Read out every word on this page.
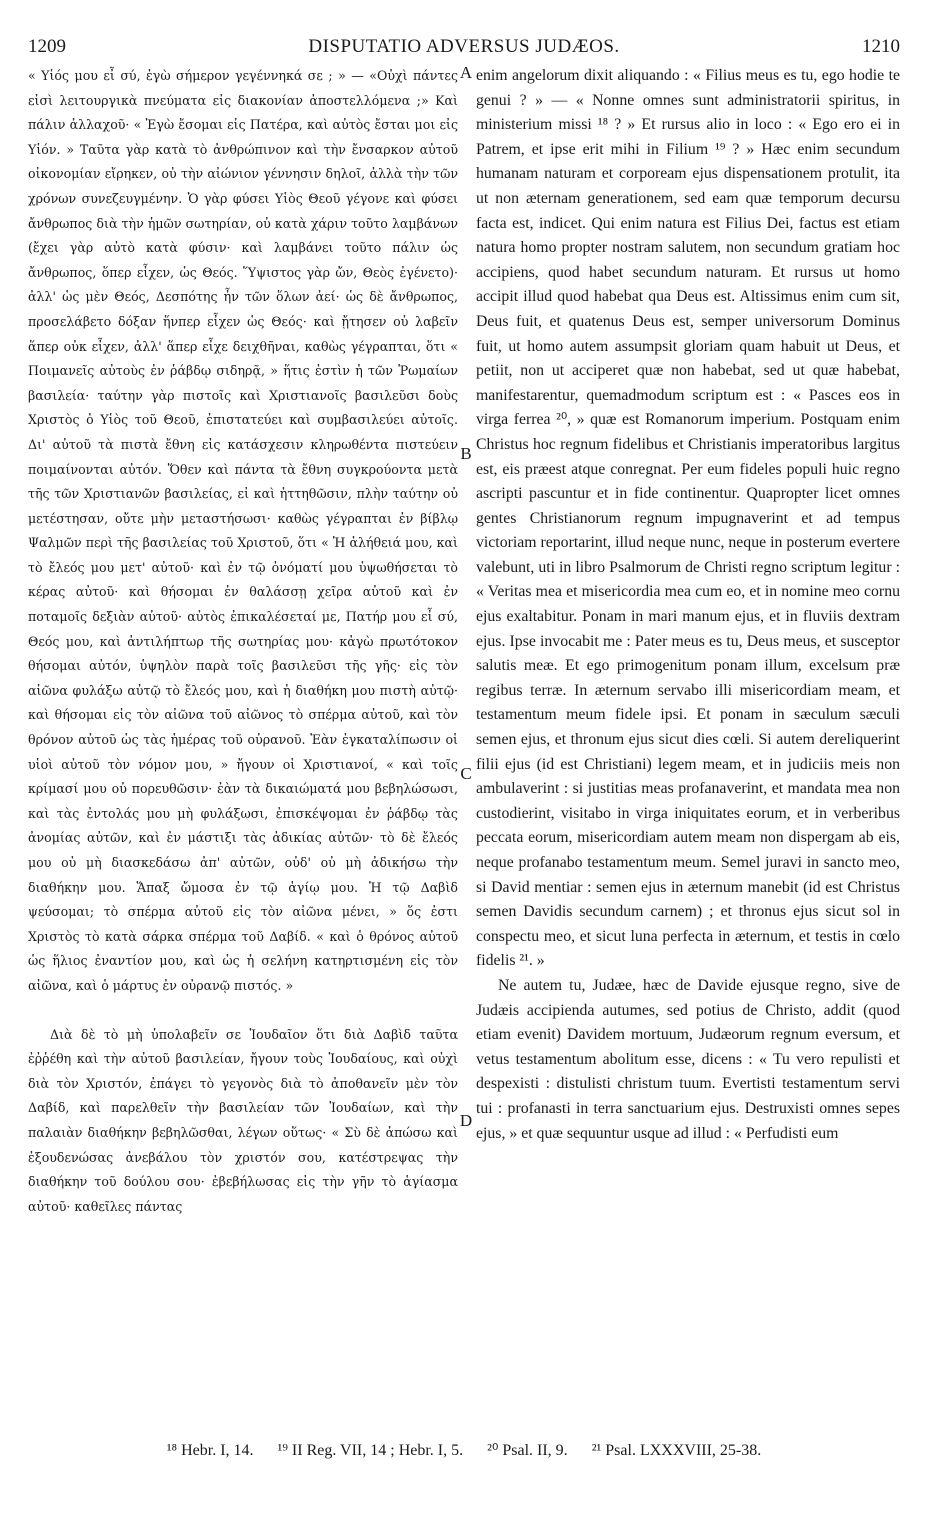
1209	DISPUTATIO ADVERSUS JUDÆOS.	1210

« Υἱός μου εἶ σύ, ἐγὼ σήμερον γεγέννηκά σε ; » — «Οὐχὶ πάντες εἰσὶ λειτουργικὰ πνεύματα εἰς διακονίαν ἀποστελλόμενα ;» Καὶ πάλιν ἀλλαχοῦ· « Ἐγὼ ἔσομαι εἰς Πατέρα, καὶ αὐτὸς ἔσται μοι εἰς Υἱόν. » Ταῦτα γὰρ κατὰ τὸ ἀνθρώπινον καὶ τὴν ἔνσαρκον αὐτοῦ οἰκονομίαν εἴρηκεν, οὐ τὴν αἰώνιον γέννησιν δηλοῖ, ἀλλὰ τὴν τῶν χρόνων συνεζευγμένην. Ὁ γὰρ φύσει Υἱὸς Θεοῦ γέγονε καὶ φύσει ἄνθρωπος διὰ τὴν ἡμῶν σωτηρίαν, οὐ κατὰ χάριν τοῦτο λαμβάνων (ἔχει γὰρ αὐτὸ κατὰ φύσιν· καὶ λαμβάνει τοῦτο πάλιν ὡς ἄνθρωπος, ὅπερ εἶχεν, ὡς Θεός. Ὕψιστος γὰρ ὤν, Θεὸς ἐγένετο)· ἀλλ' ὡς μὲν Θεός, Δεσπότης ἦν τῶν ὅλων ἀεί· ὡς δὲ ἄνθρωπος, προσελάβετο δόξαν ἥνπερ εἶχεν ὡς Θεός· καὶ ᾔτησεν οὐ λαβεῖν ἅπερ οὐκ εἶχεν, ἀλλ' ἅπερ εἶχε δειχθῆναι, καθὼς γέγραπται, ὅτι « Ποιμανεῖς αὐτοὺς ἐν ῥάβδῳ σιδηρᾷ, » ἥτις ἐστὶν ἡ τῶν Ῥωμαίων βασιλεία· ταύτην γὰρ πιστοῖς καὶ Χριστιανοῖς βασιλεῦσι δοὺς Χριστὸς ὁ Υἱὸς τοῦ Θεοῦ, ἐπιστατεύει καὶ συμβασιλεύει αὐτοῖς. Δι' αὐτοῦ τὰ πιστὰ ἔθνη εἰς κατάσχεσιν κληρωθέντα πιστεύειν ποιμαίνονται αὐτόν. Ὅθεν καὶ πάντα τὰ ἔθνη συγκρούοντα μετὰ τῆς τῶν Χριστιανῶν βασιλείας, εἰ καὶ ἡττηθῶσιν, πλὴν ταύτην οὐ μετέστησαν, οὔτε μὴν μεταστήσωσι· καθὼς γέγραπται ἐν βίβλῳ Ψαλμῶν περὶ τῆς βασιλείας τοῦ Χριστοῦ, ὅτι « Ἡ ἀλήθειά μου, καὶ τὸ ἔλεός μου μετ' αὐτοῦ· καὶ ἐν τῷ ὀνόματί μου ὑψωθήσεται τὸ κέρας αὐτοῦ· καὶ θήσομαι ἐν θαλάσσῃ χεῖρα αὐτοῦ καὶ ἐν ποταμοῖς δεξιὰν αὐτοῦ· αὐτὸς ἐπικαλέσεταί με, Πατήρ μου εἶ σύ, Θεός μου, καὶ ἀντιλήπτωρ τῆς σωτηρίας μου· κἀγὼ πρωτότοκον θήσομαι αὐτόν, ὑψηλὸν παρὰ τοῖς βασιλεῦσι τῆς γῆς· εἰς τὸν αἰῶνα φυλάξω αὐτῷ τὸ ἔλεός μου, καὶ ἡ διαθήκη μου πιστὴ αὐτῷ· καὶ θήσομαι εἰς τὸν αἰῶνα τοῦ αἰῶνος τὸ σπέρμα αὐτοῦ, καὶ τὸν θρόνον αὐτοῦ ὡς τὰς ἡμέρας τοῦ οὐρανοῦ. Ἐὰν ἐγκαταλίπωσιν οἱ υἱοὶ αὐτοῦ τὸν νόμον μου, » ἤγουν οἱ Χριστιανοί, « καὶ τοῖς κρίμασί μου οὐ πορευθῶσιν· ἐὰν τὰ δικαιώματά μου βεβηλώσωσι, καὶ τὰς ἐντολάς μου μὴ φυλάξωσι, ἐπισκέψομαι ἐν ῥάβδῳ τὰς ἀνομίας αὐτῶν, καὶ ἐν μάστιξι τὰς ἀδικίας αὐτῶν· τὸ δὲ ἔλεός μου οὐ μὴ διασκεδάσω ἀπ' αὐτῶν, οὐδ' οὐ μὴ ἀδικήσω τὴν διαθήκην μου. Ἅπαξ ὤμοσα ἐν τῷ ἁγίῳ μου. Ἡ τῷ Δαβὶδ ψεύσομαι; τὸ σπέρμα αὐτοῦ εἰς τὸν αἰῶνα μένει, » ὅς ἐστι Χριστὸς τὸ κατὰ σάρκα σπέρμα τοῦ Δαβίδ. « καὶ ὁ θρόνος αὐτοῦ ὡς ἥλιος ἐναντίον μου, καὶ ὡς ἡ σελήνη κατηρτισμένη εἰς τὸν αἰῶνα, καὶ ὁ μάρτυς ἐν οὐρανῷ πιστός. »

Διὰ δὲ τὸ μὴ ὑπολαβεῖν σε Ἰουδαῖον ὅτι διὰ Δαβὶδ ταῦτα ἐῤῥέθη καὶ τὴν αὐτοῦ βασιλείαν, ἤγουν τοὺς Ἰουδαίους, καὶ οὐχὶ διὰ τὸν Χριστόν, ἐπάγει τὸ γεγονὸς διὰ τὸ ἀποθανεῖν μὲν τὸν Δαβίδ, καὶ παρελθεῖν τὴν βασιλείαν τῶν Ἰουδαίων, καὶ τὴν παλαιὰν διαθήκην βεβηλῶσθαι, λέγων οὕτως· « Σὺ δὲ ἀπώσω καὶ ἐξουδενώσας ἀνεβάλου τὸν χριστόν σου, κατέστρεψας τὴν διαθήκην τοῦ δούλου σου· ἐβεβήλωσας εἰς τὴν γῆν τὸ ἁγίασμα αὐτοῦ· καθεῖλες πάντας

enim angelorum dixit aliquando : « Filius meus es tu, ego hodie te genui ? » — « Nonne omnes sunt administratorii spiritus, in ministerium missi ¹⁸ ? » Et rursus alio in loco : « Ego ero ei in Patrem, et ipse erit mihi in Filium ¹⁹ ? » Hæc enim secundum humanam naturam et corpoream ejus dispensationem protulit, ita ut non æternam generationem, sed eam quæ temporum decursu facta est, indicet. Qui enim natura est Filius Dei, factus est etiam natura homo propter nostram salutem, non secundum gratiam hoc accipiens, quod habet secundum naturam. Et rursus ut homo accipit illud quod habebat qua Deus est. Altissimus enim cum sit, Deus fuit, et quatenus Deus est, semper universorum Dominus fuit, ut homo autem assumpsit gloriam quam habuit ut Deus, et petiit, non ut acciperet quæ non habebat, sed ut quæ habebat, manifestarentur, quemadmodum scriptum est : « Pasces eos in virga ferrea ²⁰, » quæ est Romanorum imperium. Postquam enim Christus hoc regnum fidelibus et Christianis imperatoribus largitus est, eis præest atque conregnat. Per eum fideles populi huic regno ascripti pascuntur et in fide continentur. Quapropter licet omnes gentes Christianorum regnum impugnaverint et ad tempus victoriam reportarint, illud neque nunc, neque in posterum evertere valebunt, uti in libro Psalmorum de Christi regno scriptum legitur : « Veritas mea et misericordia mea cum eo, et in nomine meo cornu ejus exaltabitur. Ponam in mari manum ejus, et in fluviis dextram ejus. Ipse invocabit me : Pater meus es tu, Deus meus, et susceptor salutis meæ. Et ego primogenitum ponam illum, excelsum præ regibus terræ. In æternum servabo illi misericordiam meam, et testamentum meum fidele ipsi. Et ponam in sæculum sæculi semen ejus, et thronum ejus sicut dies cœli. Si autem dereliquerint filii ejus (id est Christiani) legem meam, et in judiciis meis non ambulaverint : si justitias meas profanaverint, et mandata mea non custodierint, visitabo in virga iniquitates eorum, et in verberibus peccata eorum, misericordiam autem meam non dispergam ab eis, neque profanabo testamentum meum. Semel juravi in sancto meo, si David mentiar : semen ejus in æternum manebit (id est Christus semen Davidis secundum carnem) ; et thronus ejus sicut sol in conspectu meo, et sicut luna perfecta in æternum, et testis in cœlo fidelis ²¹. »

Ne autem tu, Judæe, hæc de Davide ejusque regno, sive de Judæis accipienda autumes, sed potius de Christo, addit (quod etiam evenit) Davidem mortuum, Judæorum regnum eversum, et vetus testamentum abolitum esse, dicens : « Tu vero repulisti et despexisti : distulisti christum tuum. Evertisti testamentum servi tui : profanasti in terra sanctuarium ejus. Destruxisti omnes sepes ejus, » et quæ sequuntur usque ad illud : « Perfudisti eum

A
B
C
D
¹⁸ Hebr. I, 14. ¹⁹ II Reg. VII, 14 ; Hebr. I, 5. ²⁰ Psal. II, 9. ²¹ Psal. LXXXVIII, 25-38.
